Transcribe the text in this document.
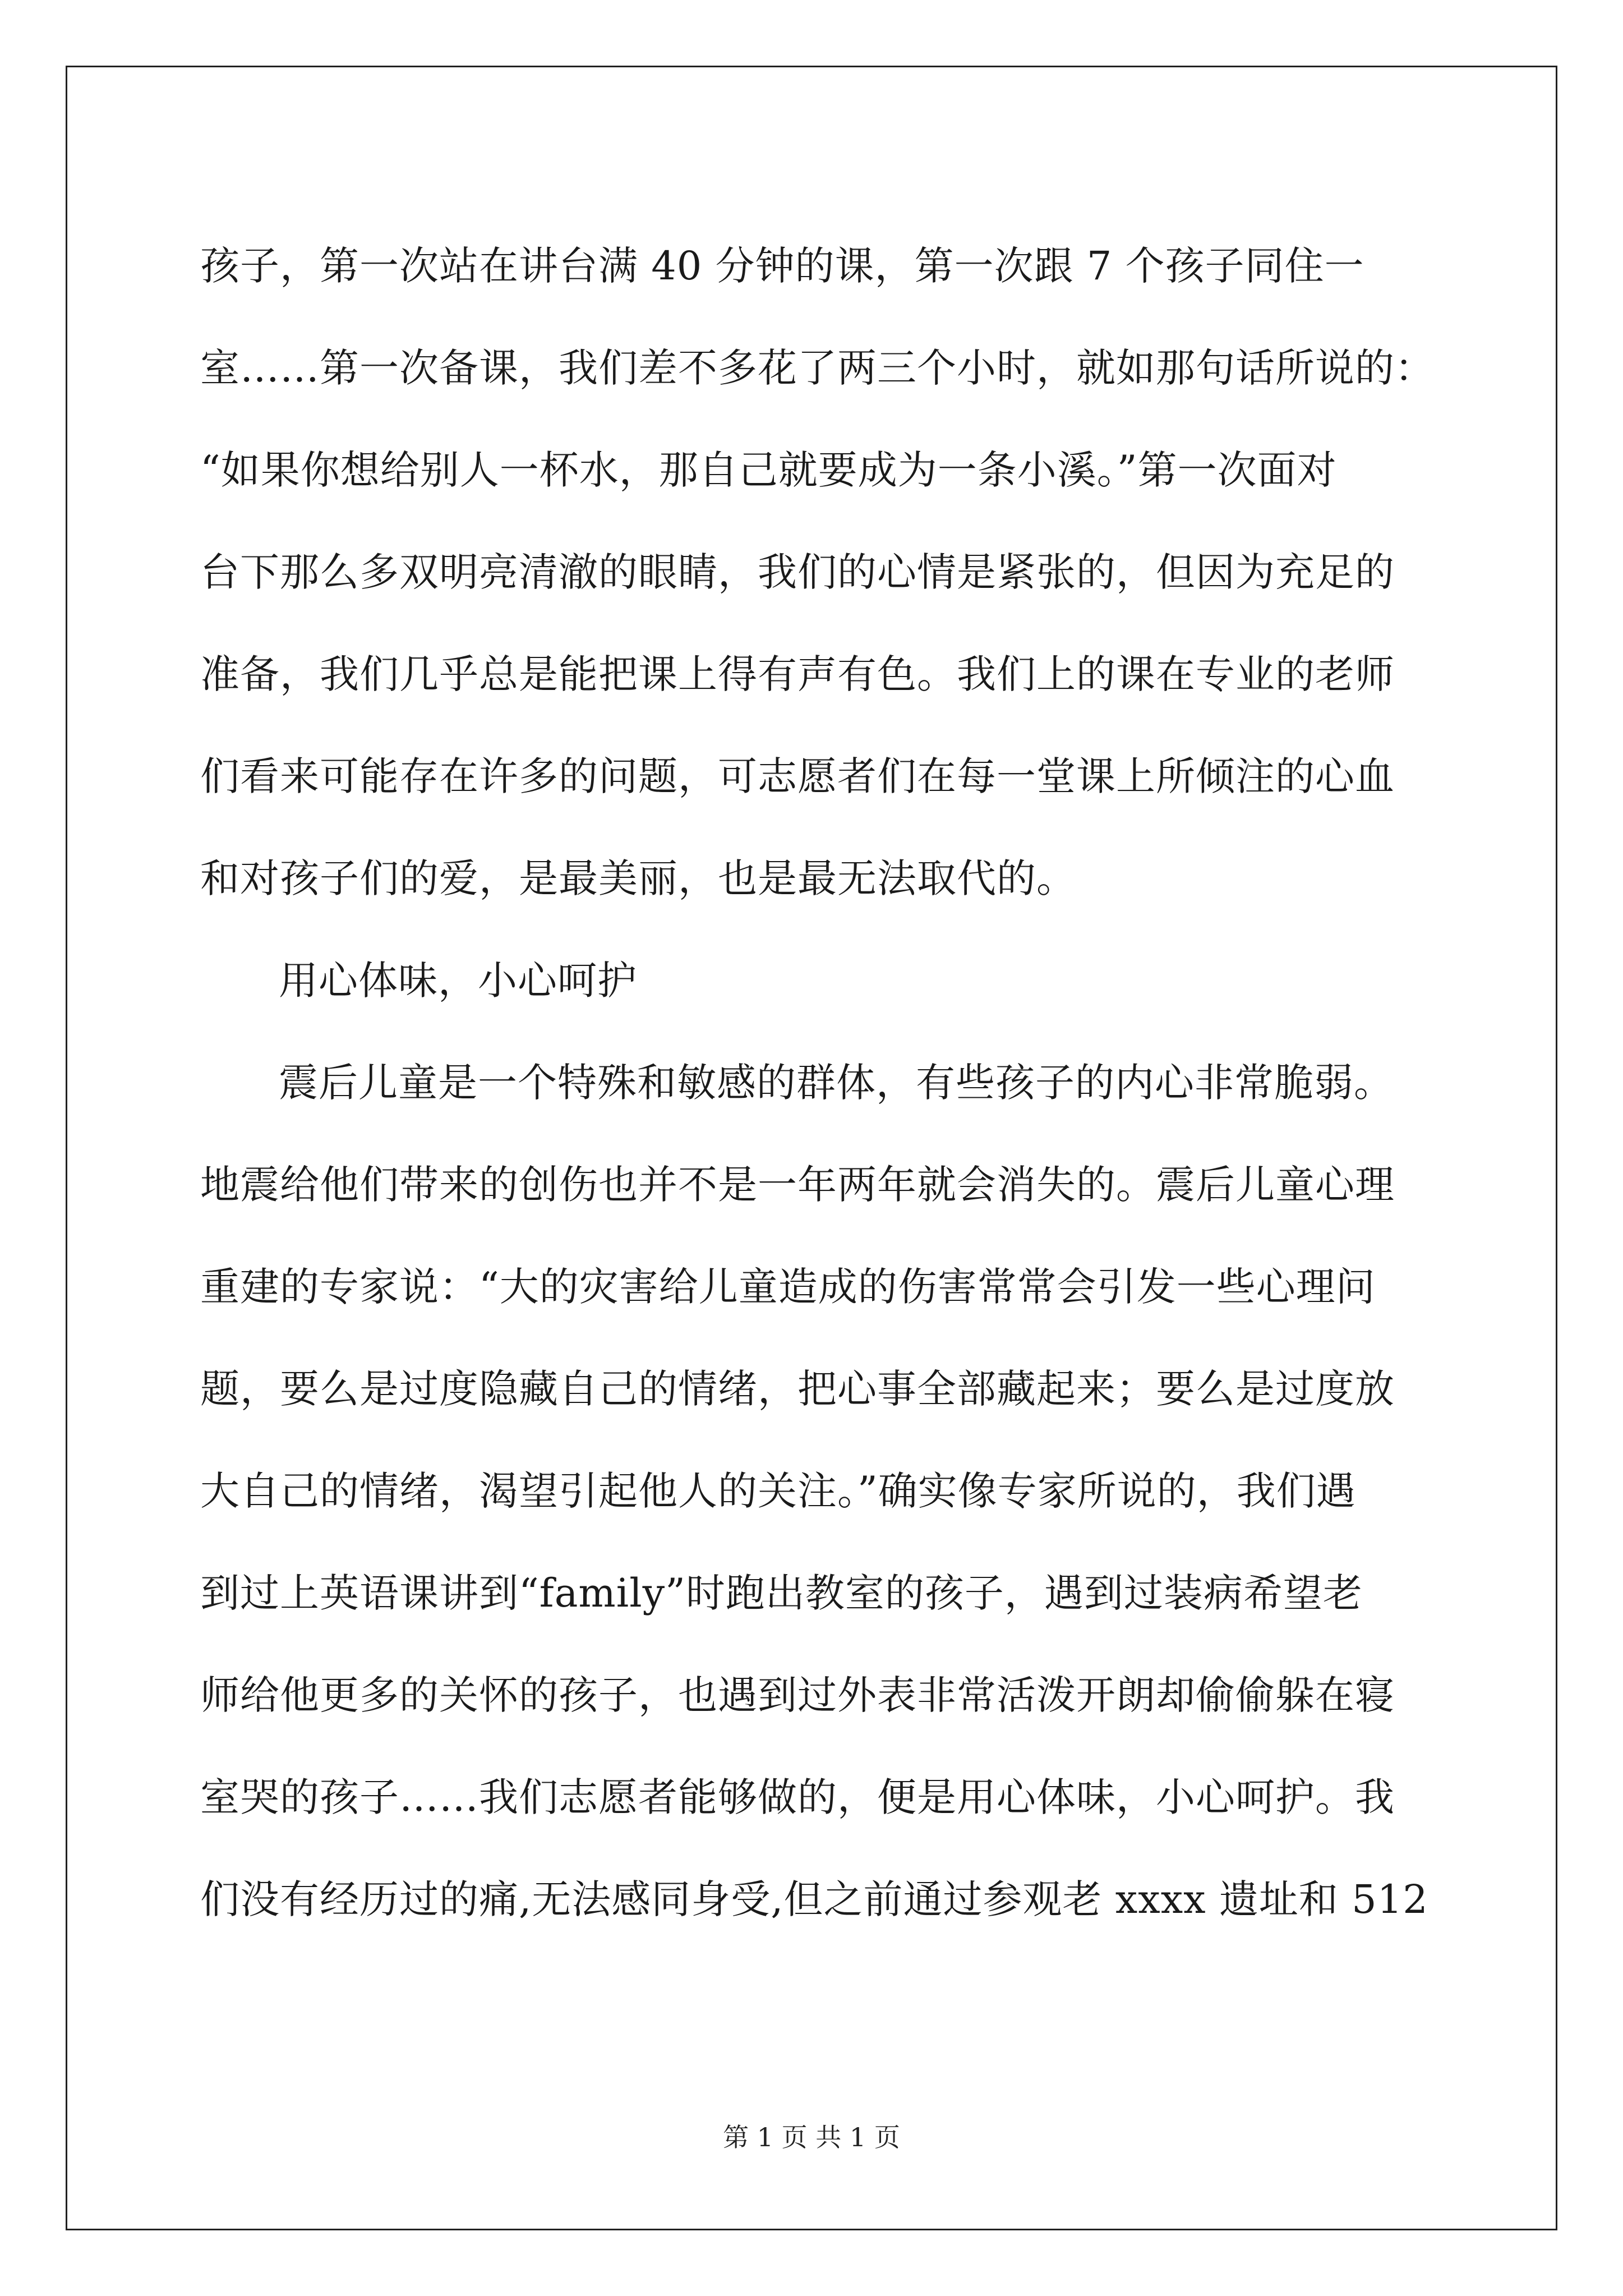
孩子，第一次站在讲台满 40 分钟的课，第一次跟 7 个孩子同住一
室……第一次备课，我们差不多花了两三个小时，就如那句话所说的：
“如果你想给别人一杯水，那自己就要成为一条小溪。”第一次面对
台下那么多双明亮清澈的眼睛，我们的心情是紧张的，但因为充足的
准备，我们几乎总是能把课上得有声有色。我们上的课在专业的老师
们看来可能存在许多的问题，可志愿者们在每一堂课上所倾注的心血
和对孩子们的爱，是最美丽，也是最无法取代的。
用心体味，小心呵护
震后儿童是一个特殊和敏感的群体，有些孩子的内心非常脆弱。
地震给他们带来的创伤也并不是一年两年就会消失的。震后儿童心理
重建的专家说：“大的灾害给儿童造成的伤害常常会引发一些心理问
题，要么是过度隐藏自己的情绪，把心事全部藏起来；要么是过度放
大自己的情绪，渴望引起他人的关注。”确实像专家所说的，我们遇
到过上英语课讲到“family”时跑出教室的孩子，遇到过装病希望老
师给他更多的关怀的孩子，也遇到过外表非常活泼开朗却偷偷躲在寝
室哭的孩子……我们志愿者能够做的，便是用心体味，小心呵护。我
们没有经历过的痛,无法感同身受,但之前通过参观老 xxxx 遗址和 512
第 1 页 共 1 页
